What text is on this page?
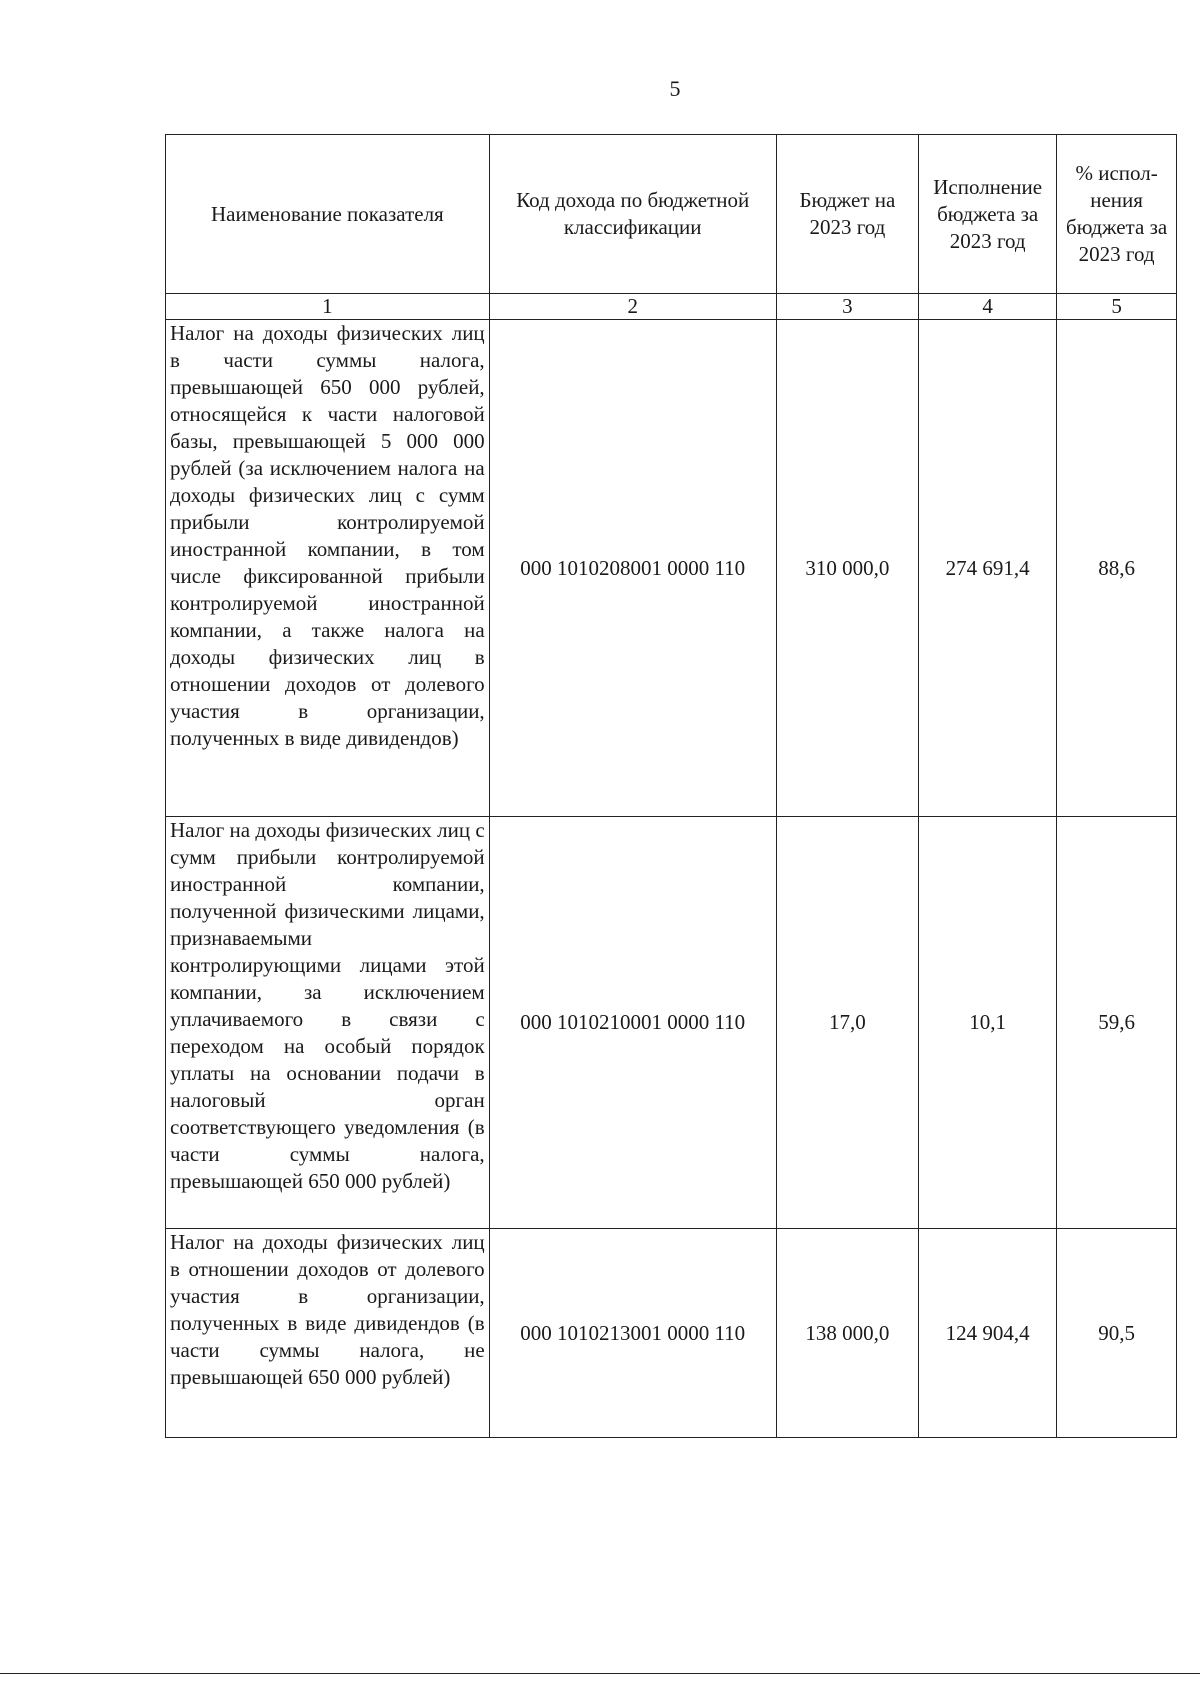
5
Наименование показателя	Код дохода по бюджетной классификации	Бюджет на 2023 год	Исполнение бюджета за 2023 год	% испол-нения бюджета за 2023 год
1	2	3	4	5
Налог на доходы физических лиц в части суммы налога, превышающей 650 000 рублей, относящейся к части налоговой базы, превышающей 5 000 000 рублей (за исключением налога на доходы физических лиц с сумм прибыли контролируемой иностранной компании, в том числе фиксированной прибыли контролируемой иностранной компании, а также налога на доходы физических лиц в отношении доходов от долевого участия в организации, полученных в виде дивидендов)	000 1010208001 0000 110	310 000,0	274 691,4	88,6
Налог на доходы физических лиц с сумм прибыли контролируемой иностранной компании, полученной физическими лицами, признаваемыми контролирующими лицами этой компании, за исключением уплачиваемого в связи с переходом на особый порядок уплаты на основании подачи в налоговый орган соответствующего уведомления (в части суммы налога, превышающей 650 000 рублей)	000 1010210001 0000 110	17,0	10,1	59,6
Налог на доходы физических лиц в отношении доходов от долевого участия в организации, полученных в виде дивидендов (в части суммы налога, не превышающей 650 000 рублей)	000 1010213001 0000 110	138 000,0	124 904,4	90,5
